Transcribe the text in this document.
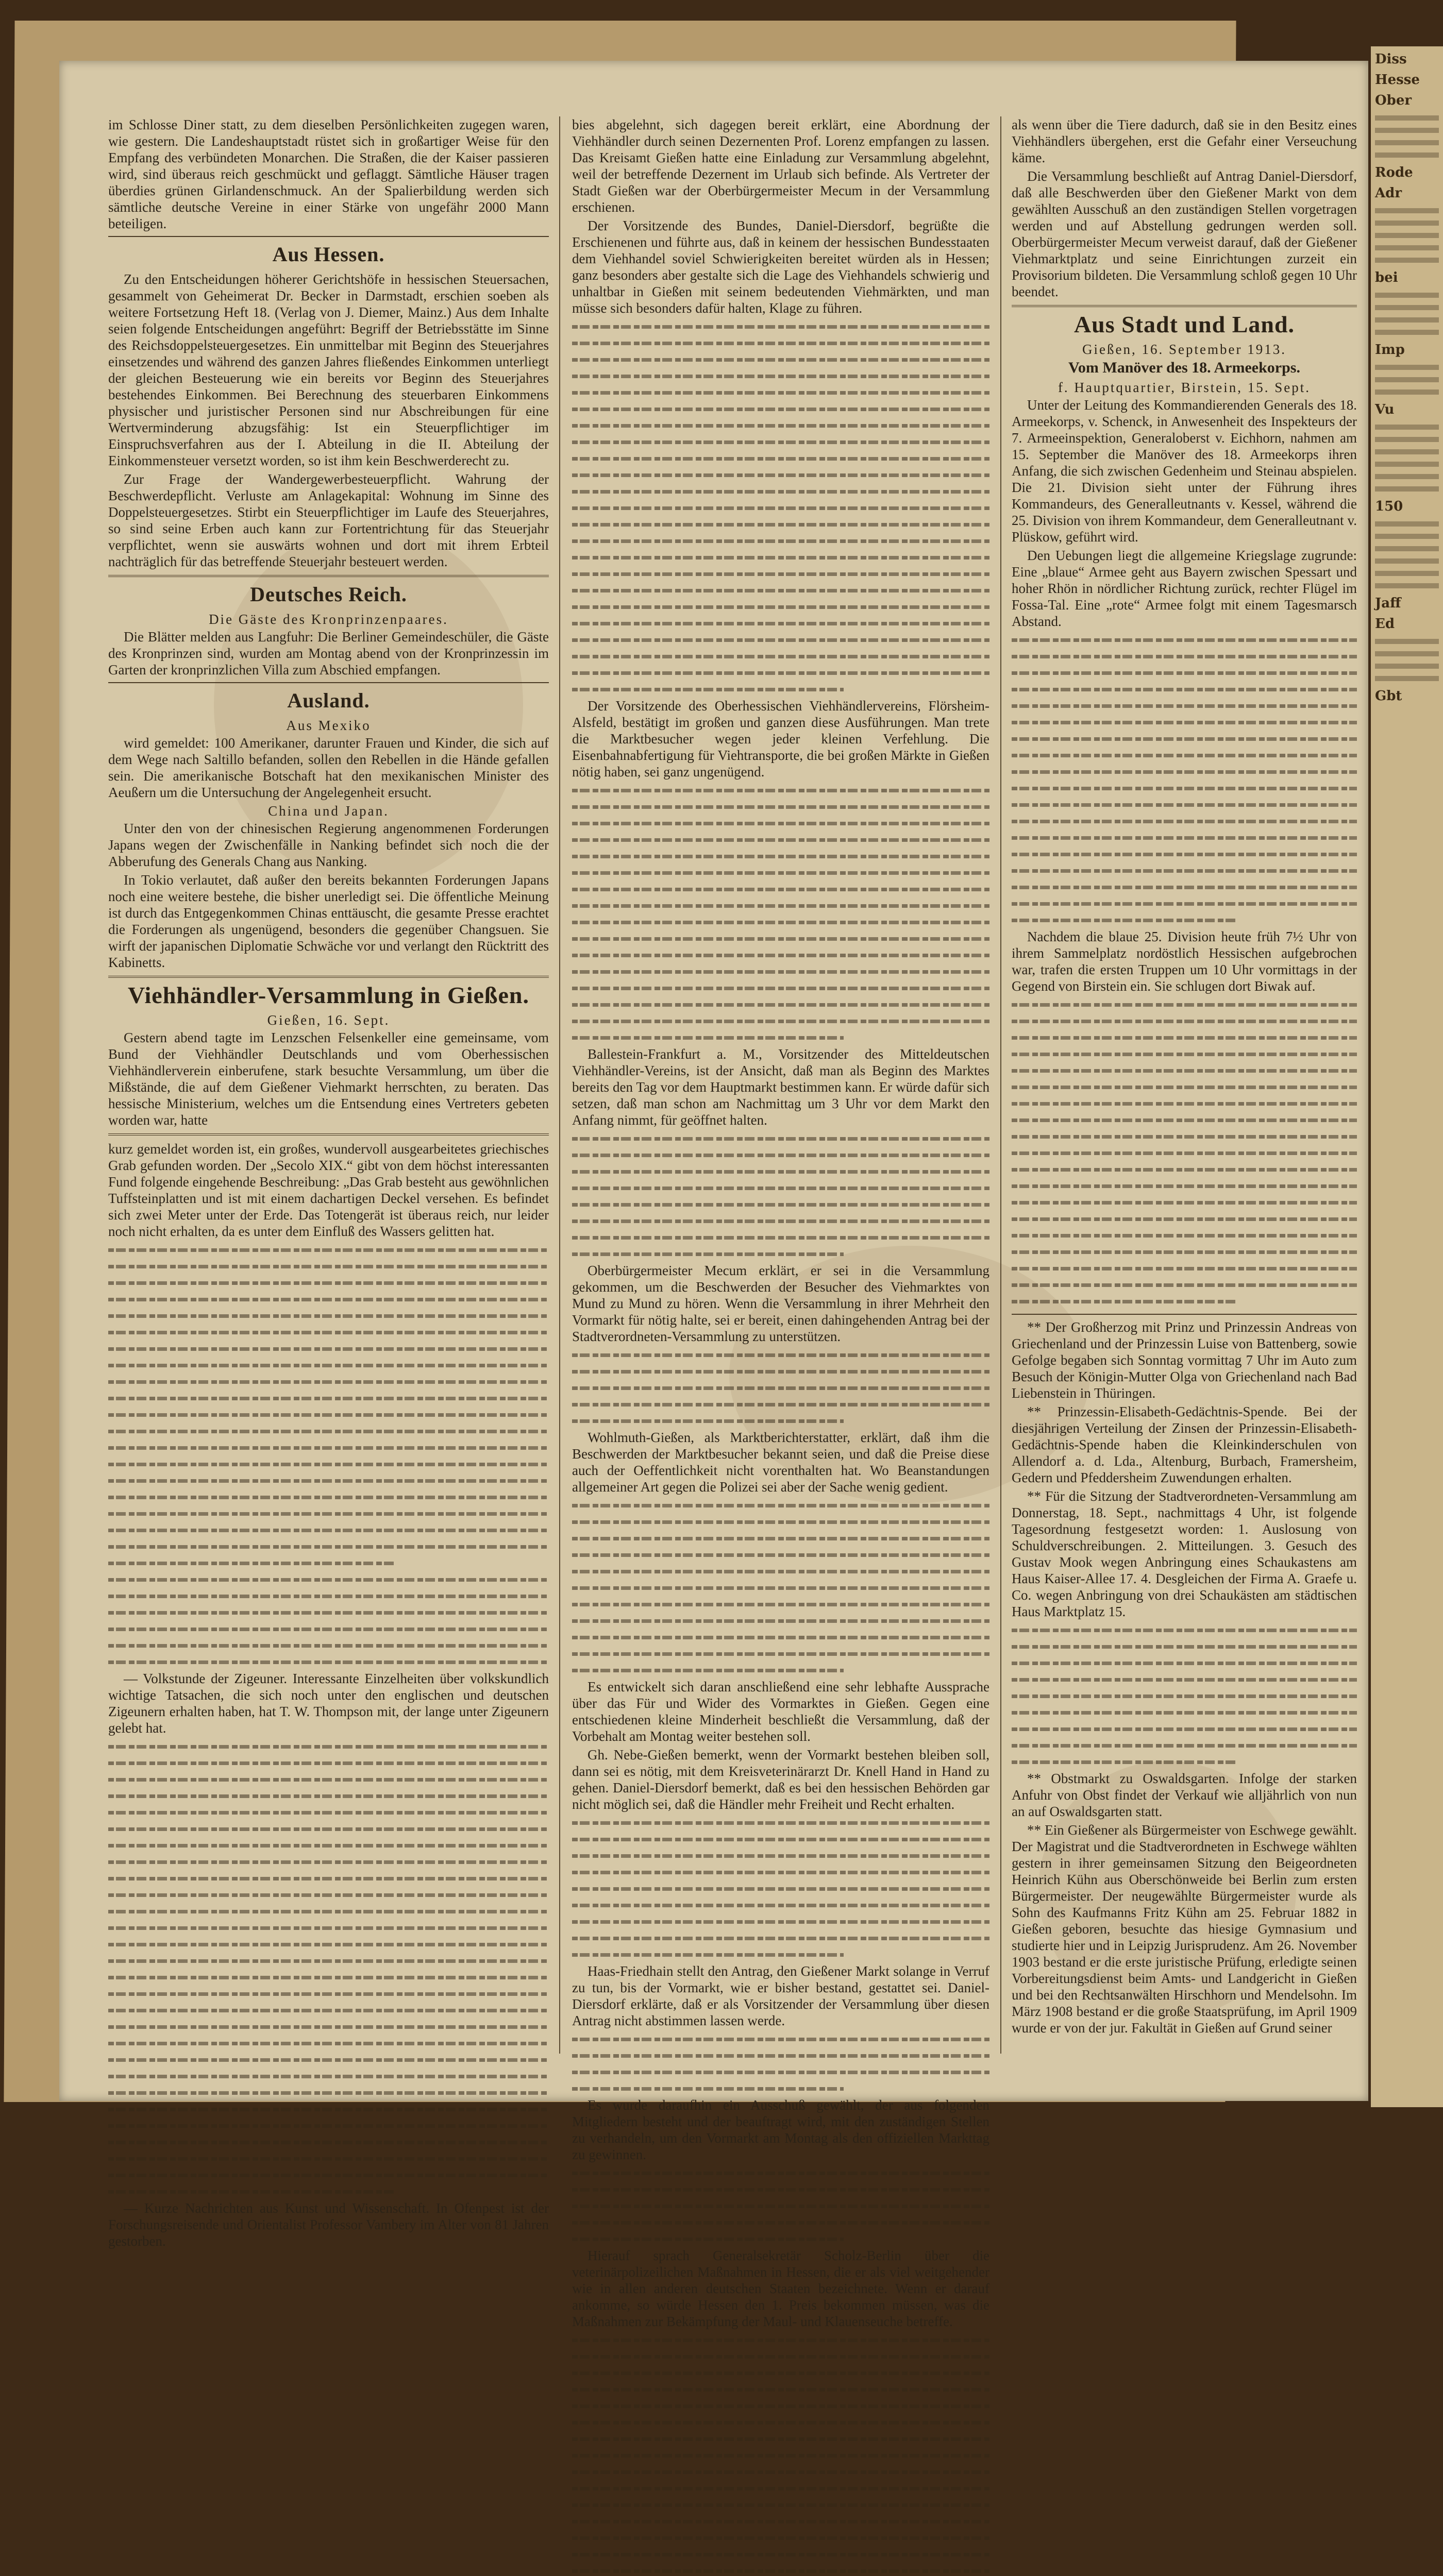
Diss
Hesse
Ober
Rode
Adr
bei
Imp
Vu
150
Jaff
Ed
Gbt

im Schlosse Diner statt, zu dem dieselben Persönlichkeiten zugegen waren, wie gestern. Die Landeshauptstadt rüstet sich in großartiger Weise für den Empfang des verbündeten Monarchen. Die Straßen, die der Kaiser passieren wird, sind überaus reich geschmückt und geflaggt. Sämtliche Häuser tragen überdies grünen Girlandenschmuck. An der Spalierbildung werden sich sämtliche deutsche Vereine in einer Stärke von ungefähr 2000 Mann beteiligen.

Aus Hessen.

Zu den Entscheidungen höherer Gerichtshöfe in hessischen Steuersachen, gesammelt von Geheimerat Dr. Becker in Darmstadt, erschien soeben als weitere Fortsetzung Heft 18. (Verlag von J. Diemer, Mainz.) Aus dem Inhalte seien folgende Entscheidungen angeführt: Begriff der Betriebsstätte im Sinne des Reichsdoppelsteuergesetzes. Ein unmittelbar mit Beginn des Steuerjahres einsetzendes und während des ganzen Jahres fließendes Einkommen unterliegt der gleichen Besteuerung wie ein bereits vor Beginn des Steuerjahres bestehendes Einkommen. Bei Berechnung des steuerbaren Einkommens physischer und juristischer Personen sind nur Abschreibungen für eine Wertverminderung abzugsfähig: Ist ein Steuerpflichtiger im Einspruchsverfahren aus der I. Abteilung in die II. Abteilung der Einkommensteuer versetzt worden, so ist ihm kein Beschwerderecht zu.

Zur Frage der Wandergewerbesteuerpflicht. Wahrung der Beschwerdepflicht. Verluste am Anlagekapital: Wohnung im Sinne des Doppelsteuergesetzes. Stirbt ein Steuerpflichtiger im Laufe des Steuerjahres, so sind seine Erben auch kann zur Fortentrichtung für das Steuerjahr verpflichtet, wenn sie auswärts wohnen und dort mit ihrem Erbteil nachträglich für das betreffende Steuerjahr besteuert werden.

Deutsches Reich.
Die Gäste des Kronprinzenpaares.

Die Blätter melden aus Langfuhr: Die Berliner Gemeindeschüler, die Gäste des Kronprinzen sind, wurden am Montag abend von der Kronprinzessin im Garten der kronprinzlichen Villa zum Abschied empfangen.

Ausland.
Aus Mexiko

wird gemeldet: 100 Amerikaner, darunter Frauen und Kinder, die sich auf dem Wege nach Saltillo befanden, sollen den Rebellen in die Hände gefallen sein. Die amerikanische Botschaft hat den mexikanischen Minister des Aeußern um die Untersuchung der Angelegenheit ersucht.

China und Japan.

Unter den von der chinesischen Regierung angenommenen Forderungen Japans wegen der Zwischenfälle in Nanking befindet sich noch die der Abberufung des Generals Chang aus Nanking.

In Tokio verlautet, daß außer den bereits bekannten Forderungen Japans noch eine weitere bestehe, die bisher unerledigt sei. Die öffentliche Meinung ist durch das Entgegenkommen Chinas enttäuscht, die gesamte Presse erachtet die Forderungen als ungenügend, besonders die gegenüber Changsuen. Sie wirft der japanischen Diplomatie Schwäche vor und verlangt den Rücktritt des Kabinetts.

Viehhändler-Versammlung in Gießen.
Gießen, 16. Sept.

Gestern abend tagte im Lenzschen Felsenkeller eine gemeinsame, vom Bund der Viehhändler Deutschlands und vom Oberhessischen Viehhändlerverein einberufene, stark besuchte Versammlung, um über die Mißstände, die auf dem Gießener Viehmarkt herrschten, zu beraten. Das hessische Ministerium, welches um die Entsendung eines Vertreters gebeten worden war, hatte

kurz gemeldet worden ist, ein großes, wundervoll ausgearbeitetes griechisches Grab gefunden worden. Der „Secolo XIX.“ gibt von dem höchst interessanten Fund folgende eingehende Beschreibung: „Das Grab besteht aus gewöhnlichen Tuffsteinplatten und ist mit einem dachartigen Deckel versehen. Es befindet sich zwei Meter unter der Erde. Das Totengerät ist überaus reich, nur leider noch nicht erhalten, da es unter dem Einfluß des Wassers gelitten hat.

— Volkstunde der Zigeuner. Interessante Einzelheiten über volkskundlich wichtige Tatsachen, die sich noch unter den englischen und deutschen Zigeunern erhalten haben, hat T. W. Thompson mit, der lange unter Zigeunern gelebt hat.

— Kurze Nachrichten aus Kunst und Wissenschaft. In Ofenpest ist der Forschungsreisende und Orientalist Professor Vambery im Alter von 81 Jahren gestorben.

bies abgelehnt, sich dagegen bereit erklärt, eine Abordnung der Viehhändler durch seinen Dezernenten Prof. Lorenz empfangen zu lassen. Das Kreisamt Gießen hatte eine Einladung zur Versammlung abgelehnt, weil der betreffende Dezernent im Urlaub sich befinde. Als Vertreter der Stadt Gießen war der Oberbürgermeister Mecum in der Versammlung erschienen.

Der Vorsitzende des Bundes, Daniel-Diersdorf, begrüßte die Erschienenen und führte aus, daß in keinem der hessischen Bundesstaaten dem Viehhandel soviel Schwierigkeiten bereitet würden als in Hessen; ganz besonders aber gestalte sich die Lage des Viehhandels schwierig und unhaltbar in Gießen mit seinem bedeutenden Viehmärkten, und man müsse sich besonders dafür halten, Klage zu führen.

Der Vorsitzende des Oberhessischen Viehhändlervereins, Flörsheim-Alsfeld, bestätigt im großen und ganzen diese Ausführungen. Man trete die Marktbesucher wegen jeder kleinen Verfehlung. Die Eisenbahnabfertigung für Viehtransporte, die bei großen Märkte in Gießen nötig haben, sei ganz ungenügend.

Ballestein-Frankfurt a. M., Vorsitzender des Mitteldeutschen Viehhändler-Vereins, ist der Ansicht, daß man als Beginn des Marktes bereits den Tag vor dem Hauptmarkt bestimmen kann. Er würde dafür sich setzen, daß man schon am Nachmittag um 3 Uhr vor dem Markt den Anfang nimmt, für geöffnet halten.

Oberbürgermeister Mecum erklärt, er sei in die Versammlung gekommen, um die Beschwerden der Besucher des Viehmarktes von Mund zu Mund zu hören. Wenn die Versammlung in ihrer Mehrheit den Vormarkt für nötig halte, sei er bereit, einen dahingehenden Antrag bei der Stadtverordneten-Versammlung zu unterstützen.

Wohlmuth-Gießen, als Marktberichterstatter, erklärt, daß ihm die Beschwerden der Marktbesucher bekannt seien, und daß die Preise diese auch der Oeffentlichkeit nicht vorenthalten hat. Wo Beanstandungen allgemeiner Art gegen die Polizei sei aber der Sache wenig gedient.

Es entwickelt sich daran anschließend eine sehr lebhafte Aussprache über das Für und Wider des Vormarktes in Gießen. Gegen eine entschiedenen kleine Minderheit beschließt die Versammlung, daß der Vorbehalt am Montag weiter bestehen soll.

Gh. Nebe-Gießen bemerkt, wenn der Vormarkt bestehen bleiben soll, dann sei es nötig, mit dem Kreisveterinärarzt Dr. Knell Hand in Hand zu gehen. Daniel-Diersdorf bemerkt, daß es bei den hessischen Behörden gar nicht möglich sei, daß die Händler mehr Freiheit und Recht erhalten.

Haas-Friedhain stellt den Antrag, den Gießener Markt solange in Verruf zu tun, bis der Vormarkt, wie er bisher bestand, gestattet sei. Daniel-Diersdorf erklärte, daß er als Vorsitzender der Versammlung über diesen Antrag nicht abstimmen lassen werde.

Es wurde daraufhin ein Ausschuß gewählt, der aus folgenden Mitgliedern besteht und der beauftragt wird, mit den zuständigen Stellen zu verhandeln, um den Vormarkt am Montag als den offiziellen Markttag zu gewinnen.

Hierauf sprach Generalsekretär Scholz-Berlin über die veterinärpolizeilichen Maßnahmen in Hessen, die er als viel weitgehender wie in allen anderen deutschen Staaten bezeichnete. Wenn er darauf ankomme, so würde Hessen den 1. Preis bekommen müssen, was die Maßnahmen zur Bekämpfung der Maul- und Klauenseuche betreffe.

als wenn über die Tiere dadurch, daß sie in den Besitz eines Viehhändlers übergehen, erst die Gefahr einer Verseuchung käme.

Die Versammlung beschließt auf Antrag Daniel-Diersdorf, daß alle Beschwerden über den Gießener Markt von dem gewählten Ausschuß an den zuständigen Stellen vorgetragen werden und auf Abstellung gedrungen werden soll. Oberbürgermeister Mecum verweist darauf, daß der Gießener Viehmarktplatz und seine Einrichtungen zurzeit ein Provisorium bildeten. Die Versammlung schloß gegen 10 Uhr beendet.

Aus Stadt und Land.
Gießen, 16. September 1913.
Vom Manöver des 18. Armeekorps.
f. Hauptquartier, Birstein, 15. Sept.

Unter der Leitung des Kommandierenden Generals des 18. Armeekorps, v. Schenck, in Anwesenheit des Inspekteurs der 7. Armeeinspektion, Generaloberst v. Eichhorn, nahmen am 15. September die Manöver des 18. Armeekorps ihren Anfang, die sich zwischen Gedenheim und Steinau abspielen. Die 21. Division sieht unter der Führung ihres Kommandeurs, des Generalleutnants v. Kessel, während die 25. Division von ihrem Kommandeur, dem Generalleutnant v. Plüskow, geführt wird.

Den Uebungen liegt die allgemeine Kriegslage zugrunde: Eine „blaue“ Armee geht aus Bayern zwischen Spessart und hoher Rhön in nördlicher Richtung zurück, rechter Flügel im Fossa-Tal. Eine „rote“ Armee folgt mit einem Tagesmarsch Abstand.

Nachdem die blaue 25. Division heute früh 7½ Uhr von ihrem Sammelplatz nordöstlich Hessischen aufgebrochen war, trafen die ersten Truppen um 10 Uhr vormittags in der Gegend von Birstein ein. Sie schlugen dort Biwak auf.

** Der Großherzog mit Prinz und Prinzessin Andreas von Griechenland und der Prinzessin Luise von Battenberg, sowie Gefolge begaben sich Sonntag vormittag 7 Uhr im Auto zum Besuch der Königin-Mutter Olga von Griechenland nach Bad Liebenstein in Thüringen.

** Prinzessin-Elisabeth-Gedächtnis-Spende. Bei der diesjährigen Verteilung der Zinsen der Prinzessin-Elisabeth-Gedächtnis-Spende haben die Kleinkinderschulen von Allendorf a. d. Lda., Altenburg, Burbach, Framersheim, Gedern und Pfeddersheim Zuwendungen erhalten.

** Für die Sitzung der Stadtverordneten-Versammlung am Donnerstag, 18. Sept., nachmittags 4 Uhr, ist folgende Tagesordnung festgesetzt worden: 1. Auslosung von Schuldverschreibungen. 2. Mitteilungen. 3. Gesuch des Gustav Mook wegen Anbringung eines Schaukastens am Haus Kaiser-Allee 17. 4. Desgleichen der Firma A. Graefe u. Co. wegen Anbringung von drei Schaukästen am städtischen Haus Marktplatz 15.

** Obstmarkt zu Oswaldsgarten. Infolge der starken Anfuhr von Obst findet der Verkauf wie alljährlich von nun an auf Oswaldsgarten statt.

** Ein Gießener als Bürgermeister von Eschwege gewählt. Der Magistrat und die Stadtverordneten in Eschwege wählten gestern in ihrer gemeinsamen Sitzung den Beigeordneten Heinrich Kühn aus Oberschönweide bei Berlin zum ersten Bürgermeister. Der neugewählte Bürgermeister wurde als Sohn des Kaufmanns Fritz Kühn am 25. Februar 1882 in Gießen geboren, besuchte das hiesige Gymnasium und studierte hier und in Leipzig Jurisprudenz. Am 26. November 1903 bestand er die erste juristische Prüfung, erledigte seinen Vorbereitungsdienst beim Amts- und Landgericht in Gießen und bei den Rechtsanwälten Hirschhorn und Mendelsohn. Im März 1908 bestand er die große Staatsprüfung, im April 1909 wurde er von der jur. Fakultät in Gießen auf Grund seiner
